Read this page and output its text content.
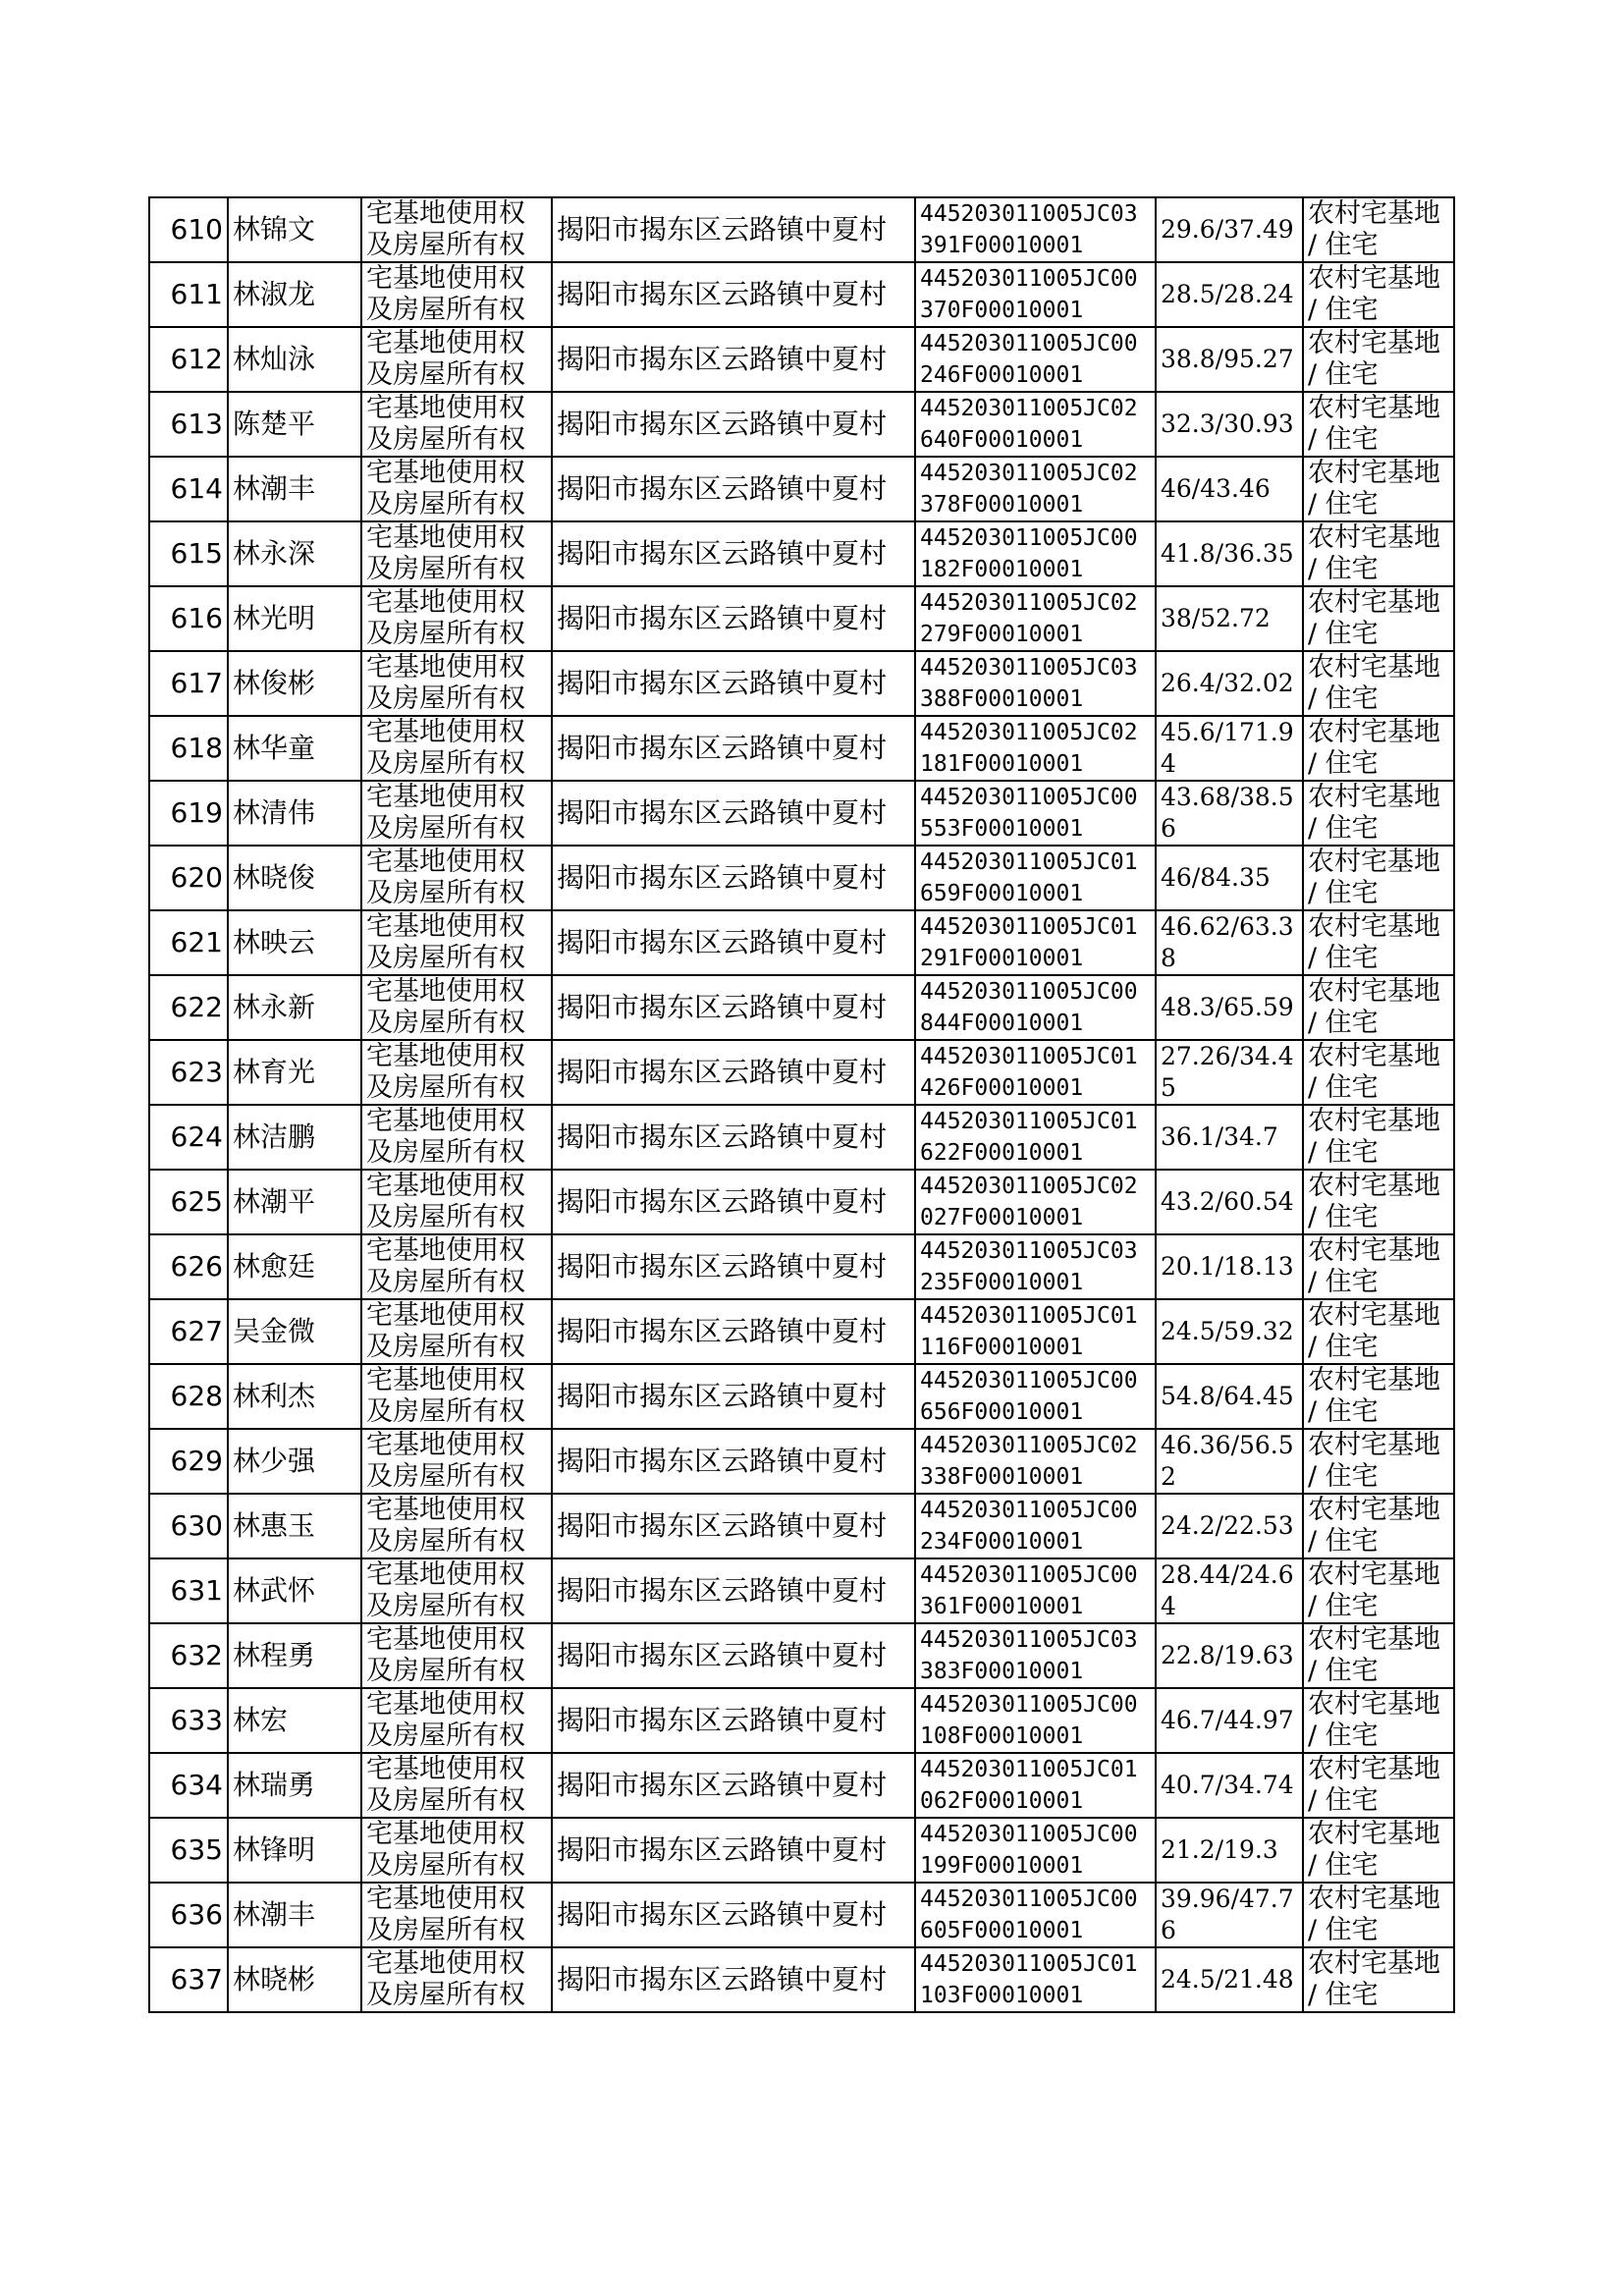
610	林锦文	宅基地使用权及房屋所有权	揭阳市揭东区云路镇中夏村	445203011005JC03391F00010001	29.6/37.49	农村宅基地 / 住宅
611	林淑龙	宅基地使用权及房屋所有权	揭阳市揭东区云路镇中夏村	445203011005JC00370F00010001	28.5/28.24	农村宅基地 / 住宅
612	林灿泳	宅基地使用权及房屋所有权	揭阳市揭东区云路镇中夏村	445203011005JC00246F00010001	38.8/95.27	农村宅基地 / 住宅
613	陈楚平	宅基地使用权及房屋所有权	揭阳市揭东区云路镇中夏村	445203011005JC02640F00010001	32.3/30.93	农村宅基地 / 住宅
614	林潮丰	宅基地使用权及房屋所有权	揭阳市揭东区云路镇中夏村	445203011005JC02378F00010001	46/43.46	农村宅基地 / 住宅
615	林永深	宅基地使用权及房屋所有权	揭阳市揭东区云路镇中夏村	445203011005JC00182F00010001	41.8/36.35	农村宅基地 / 住宅
616	林光明	宅基地使用权及房屋所有权	揭阳市揭东区云路镇中夏村	445203011005JC02279F00010001	38/52.72	农村宅基地 / 住宅
617	林俊彬	宅基地使用权及房屋所有权	揭阳市揭东区云路镇中夏村	445203011005JC03388F00010001	26.4/32.02	农村宅基地 / 住宅
618	林华童	宅基地使用权及房屋所有权	揭阳市揭东区云路镇中夏村	445203011005JC02181F00010001	45.6/171.94	农村宅基地 / 住宅
619	林清伟	宅基地使用权及房屋所有权	揭阳市揭东区云路镇中夏村	445203011005JC00553F00010001	43.68/38.56	农村宅基地 / 住宅
620	林晓俊	宅基地使用权及房屋所有权	揭阳市揭东区云路镇中夏村	445203011005JC01659F00010001	46/84.35	农村宅基地 / 住宅
621	林映云	宅基地使用权及房屋所有权	揭阳市揭东区云路镇中夏村	445203011005JC01291F00010001	46.62/63.38	农村宅基地 / 住宅
622	林永新	宅基地使用权及房屋所有权	揭阳市揭东区云路镇中夏村	445203011005JC00844F00010001	48.3/65.59	农村宅基地 / 住宅
623	林育光	宅基地使用权及房屋所有权	揭阳市揭东区云路镇中夏村	445203011005JC01426F00010001	27.26/34.45	农村宅基地 / 住宅
624	林洁鹏	宅基地使用权及房屋所有权	揭阳市揭东区云路镇中夏村	445203011005JC01622F00010001	36.1/34.7	农村宅基地 / 住宅
625	林潮平	宅基地使用权及房屋所有权	揭阳市揭东区云路镇中夏村	445203011005JC02027F00010001	43.2/60.54	农村宅基地 / 住宅
626	林愈廷	宅基地使用权及房屋所有权	揭阳市揭东区云路镇中夏村	445203011005JC03235F00010001	20.1/18.13	农村宅基地 / 住宅
627	吴金微	宅基地使用权及房屋所有权	揭阳市揭东区云路镇中夏村	445203011005JC01116F00010001	24.5/59.32	农村宅基地 / 住宅
628	林利杰	宅基地使用权及房屋所有权	揭阳市揭东区云路镇中夏村	445203011005JC00656F00010001	54.8/64.45	农村宅基地 / 住宅
629	林少强	宅基地使用权及房屋所有权	揭阳市揭东区云路镇中夏村	445203011005JC02338F00010001	46.36/56.52	农村宅基地 / 住宅
630	林惠玉	宅基地使用权及房屋所有权	揭阳市揭东区云路镇中夏村	445203011005JC00234F00010001	24.2/22.53	农村宅基地 / 住宅
631	林武怀	宅基地使用权及房屋所有权	揭阳市揭东区云路镇中夏村	445203011005JC00361F00010001	28.44/24.64	农村宅基地 / 住宅
632	林程勇	宅基地使用权及房屋所有权	揭阳市揭东区云路镇中夏村	445203011005JC03383F00010001	22.8/19.63	农村宅基地 / 住宅
633	林宏	宅基地使用权及房屋所有权	揭阳市揭东区云路镇中夏村	445203011005JC00108F00010001	46.7/44.97	农村宅基地 / 住宅
634	林瑞勇	宅基地使用权及房屋所有权	揭阳市揭东区云路镇中夏村	445203011005JC01062F00010001	40.7/34.74	农村宅基地 / 住宅
635	林锋明	宅基地使用权及房屋所有权	揭阳市揭东区云路镇中夏村	445203011005JC00199F00010001	21.2/19.3	农村宅基地 / 住宅
636	林潮丰	宅基地使用权及房屋所有权	揭阳市揭东区云路镇中夏村	445203011005JC00605F00010001	39.96/47.76	农村宅基地 / 住宅
637	林晓彬	宅基地使用权及房屋所有权	揭阳市揭东区云路镇中夏村	445203011005JC01103F00010001	24.5/21.48	农村宅基地 / 住宅
